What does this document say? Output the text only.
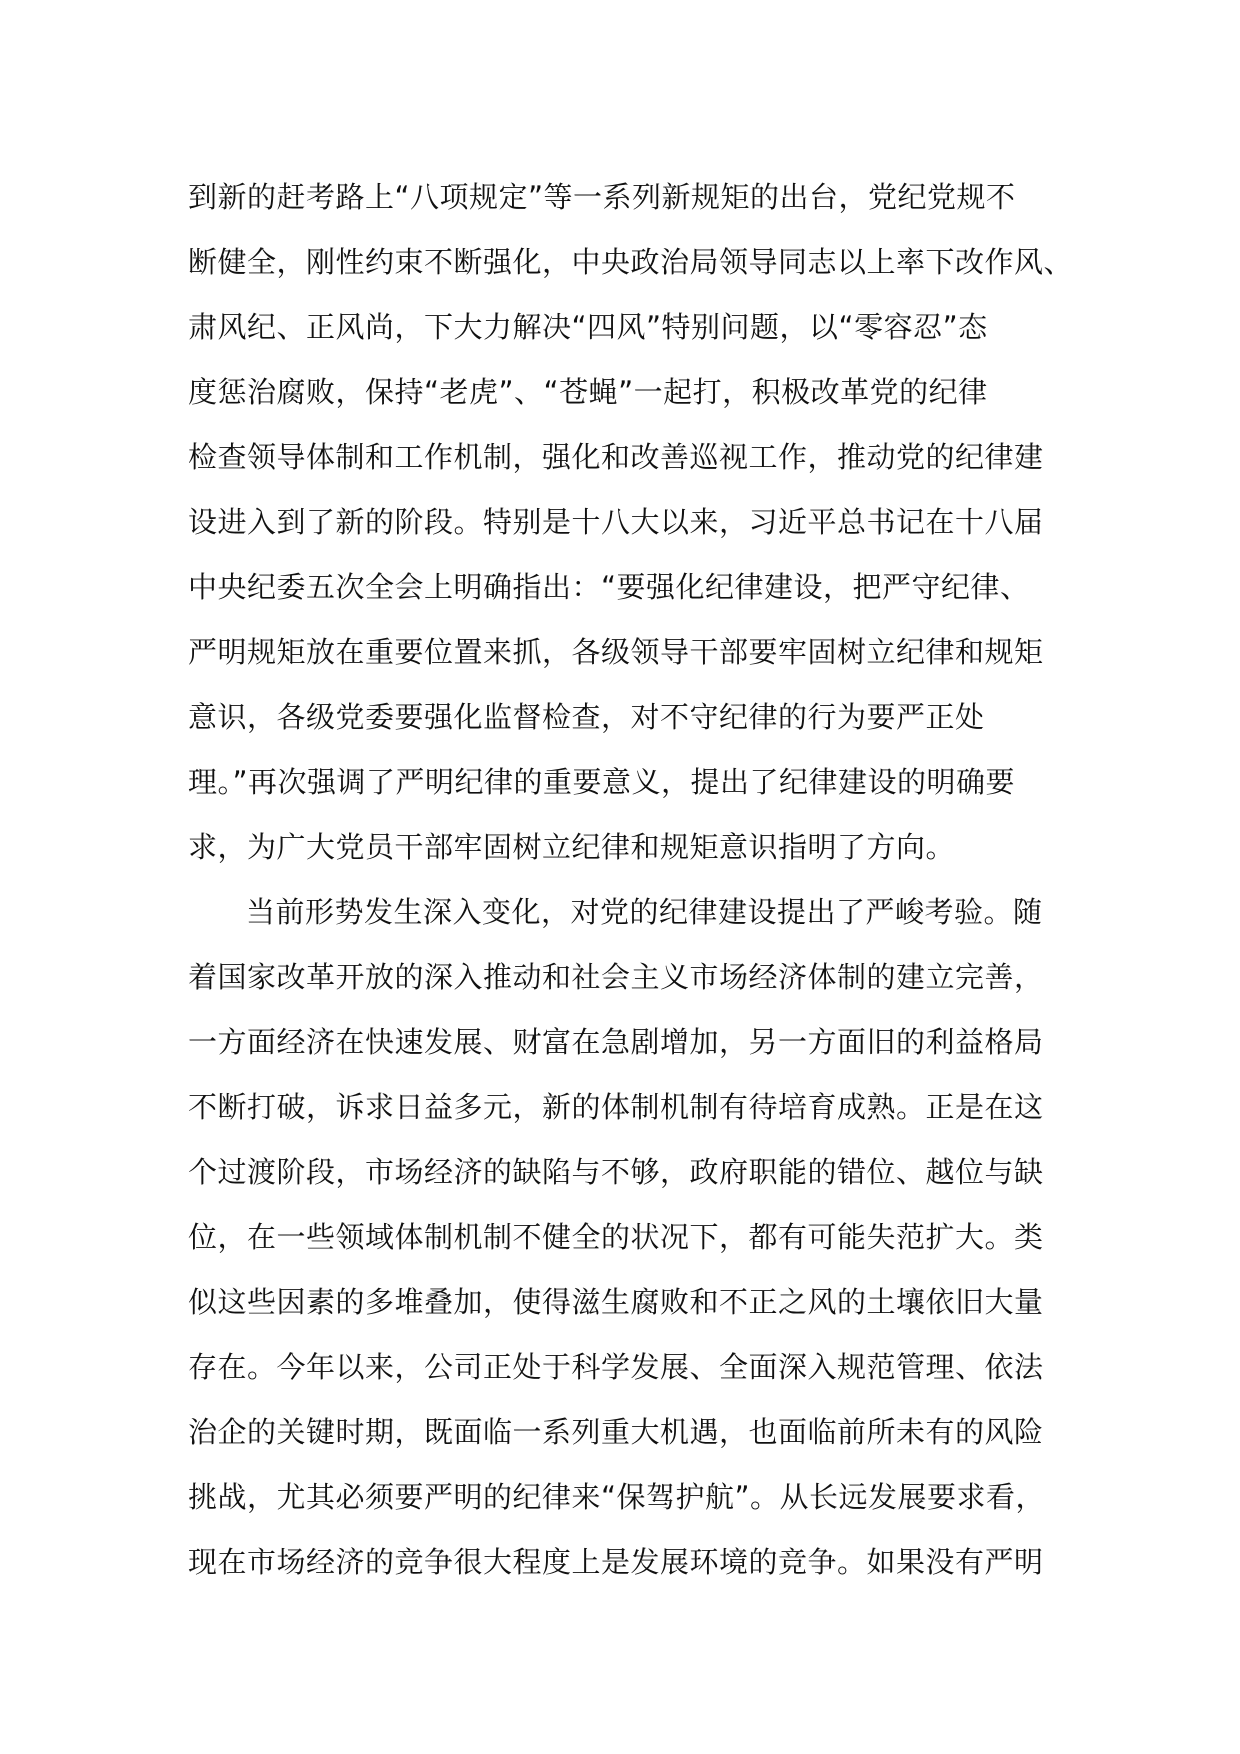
到新的赶考路上“八项规定”等一系列新规矩的出台，党纪党规不
断健全，刚性约束不断强化，中央政治局领导同志以上率下改作风、
肃风纪、正风尚，下大力解决“四风”特别问题，以“零容忍”态
度惩治腐败，保持“老虎”、“苍蝇”一起打，积极改革党的纪律
检查领导体制和工作机制，强化和改善巡视工作，推动党的纪律建
设进入到了新的阶段。特别是十八大以来，习近平总书记在十八届
中央纪委五次全会上明确指出：“要强化纪律建设，把严守纪律、
严明规矩放在重要位置来抓，各级领导干部要牢固树立纪律和规矩
意识，各级党委要强化监督检查，对不守纪律的行为要严正处
理。”再次强调了严明纪律的重要意义，提出了纪律建设的明确要
求，为广大党员干部牢固树立纪律和规矩意识指明了方向。
当前形势发生深入变化，对党的纪律建设提出了严峻考验。随
着国家改革开放的深入推动和社会主义市场经济体制的建立完善，
一方面经济在快速发展、财富在急剧增加，另一方面旧的利益格局
不断打破，诉求日益多元，新的体制机制有待培育成熟。正是在这
个过渡阶段，市场经济的缺陷与不够，政府职能的错位、越位与缺
位，在一些领域体制机制不健全的状况下，都有可能失范扩大。类
似这些因素的多堆叠加，使得滋生腐败和不正之风的土壤依旧大量
存在。今年以来，公司正处于科学发展、全面深入规范管理、依法
治企的关键时期，既面临一系列重大机遇，也面临前所未有的风险
挑战，尤其必须要严明的纪律来“保驾护航”。从长远发展要求看，
现在市场经济的竞争很大程度上是发展环境的竞争。如果没有严明
